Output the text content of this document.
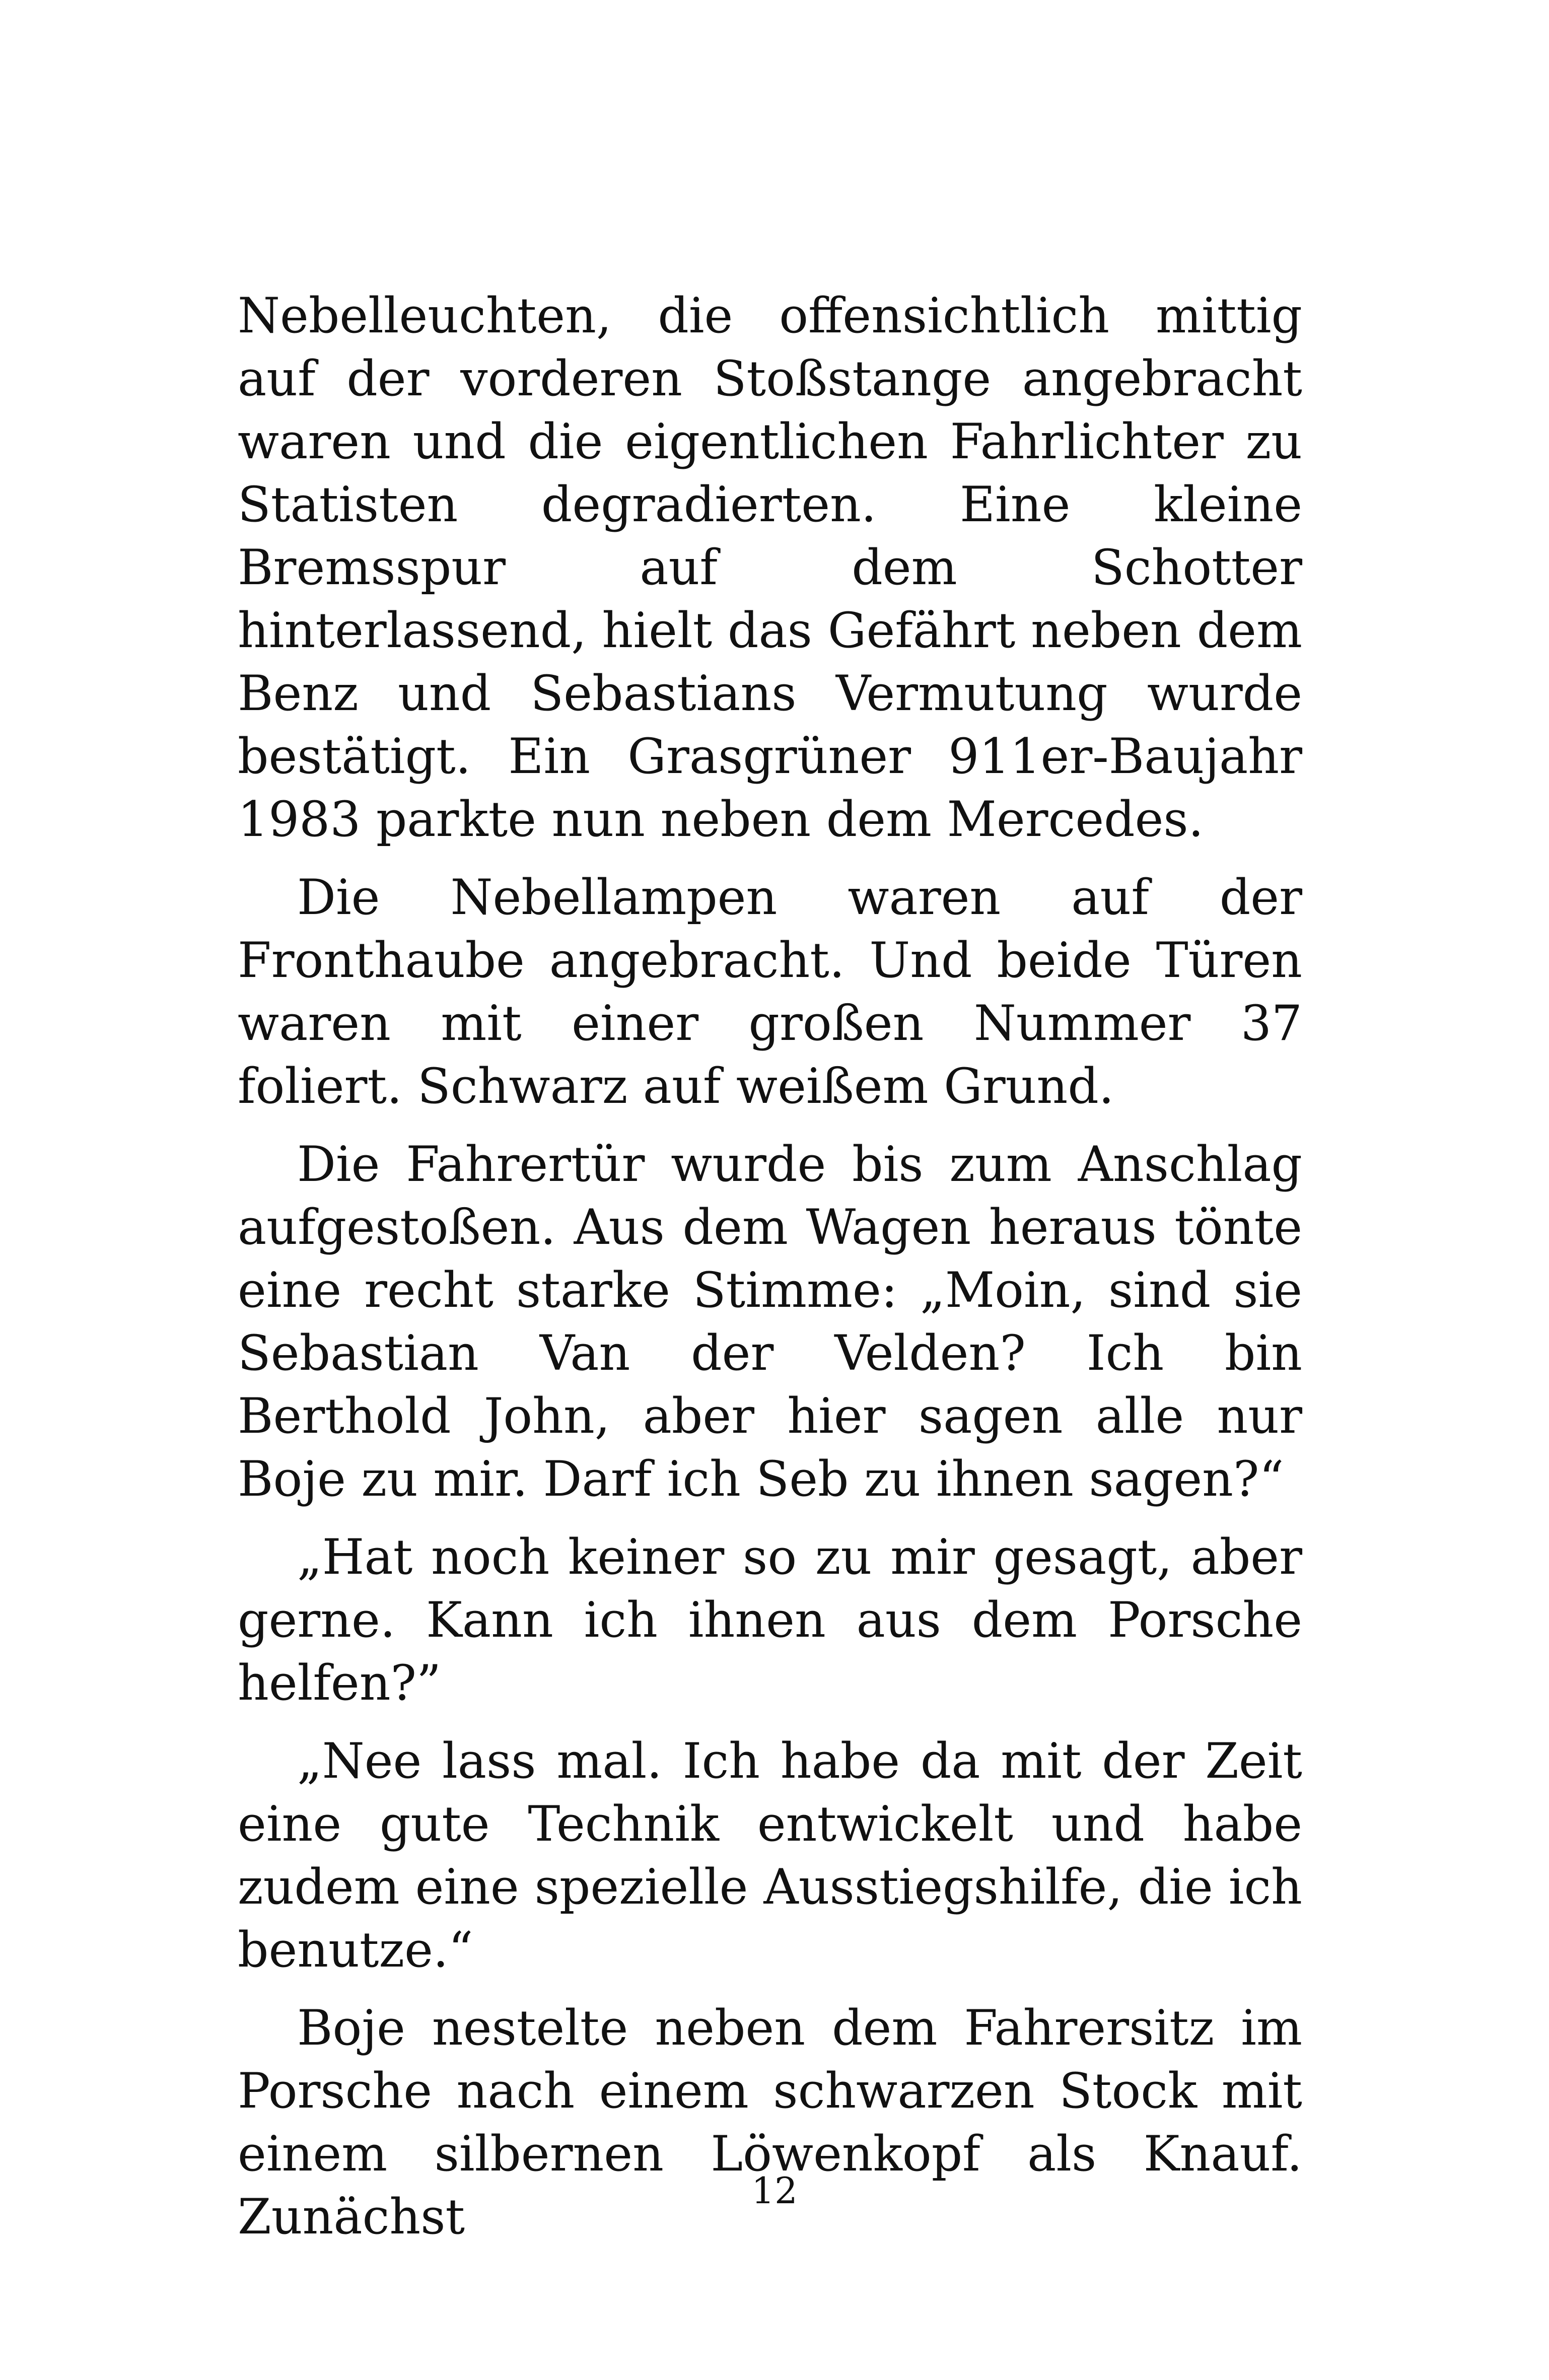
Nebelleuchten, die offensichtlich mittig auf der vorderen Stoßstange angebracht waren und die eigentlichen Fahrlichter zu Statisten degradierten. Eine kleine Bremsspur auf dem Schotter hinterlassend, hielt das Gefährt neben dem Benz und Sebastians Vermutung wurde bestätigt. Ein Grasgrüner 911er-Baujahr 1983 parkte nun neben dem Mercedes.

Die Nebellampen waren auf der Fronthaube angebracht. Und beide Türen waren mit einer großen Nummer 37 foliert. Schwarz auf weißem Grund.

Die Fahrertür wurde bis zum Anschlag aufgestoßen. Aus dem Wagen heraus tönte eine recht starke Stimme: „Moin, sind sie Sebastian Van der Velden? Ich bin Berthold John, aber hier sagen alle nur Boje zu mir. Darf ich Seb zu ihnen sagen?“

„Hat noch keiner so zu mir gesagt, aber gerne. Kann ich ihnen aus dem Porsche helfen?”

„Nee lass mal. Ich habe da mit der Zeit eine gute Technik entwickelt und habe zudem eine spezielle Ausstiegshilfe, die ich benutze.“

Boje nestelte neben dem Fahrersitz im Porsche nach einem schwarzen Stock mit einem silbernen Löwenkopf als Knauf. Zunächst	12
